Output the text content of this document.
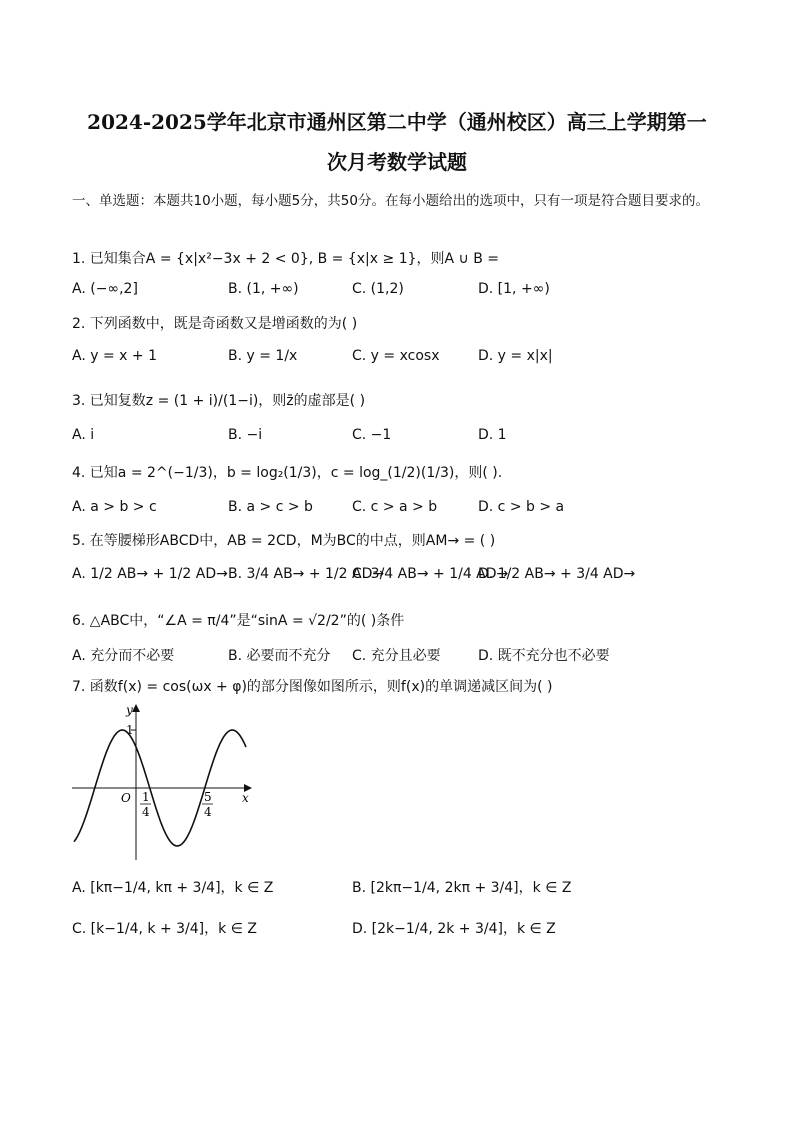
2024-2025学年北京市通州区第二中学（通州校区）高三上学期第一
次月考数学试题
一、单选题：本题共10小题，每小题5分，共50分。在每小题给出的选项中，只有一项是符合题目要求的。
1. 已知集合A = {x|x²−3x + 2 < 0}, B = {x|x ≥ 1}，则A ∪ B =
A. (−∞,2]	B. (1, +∞)	C. (1,2)	D. [1, +∞)
2. 下列函数中，既是奇函数又是增函数的为( )
A. y = x + 1	B. y = 1/x	C. y = xcosx	D. y = x|x|
3. 已知复数z = (1 + i)/(1−i)，则z̄的虚部是( )
A. i	B. −i	C. −1	D. 1
4. 已知a = 2^(−1/3)，b = log₂(1/3)，c = log_(1/2)(1/3)，则( ).
A. a > b > c	B. a > c > b	C. c > a > b	D. c > b > a
5. 在等腰梯形ABCD中，AB = 2CD，M为BC的中点，则AM→ = ( )
A. 1/2 AB→ + 1/2 AD→ B. 3/4 AB→ + 1/2 AD→
C. 3/4 AB→ + 1/4 AD→
D. 1/2 AB→ + 3/4 AD→
6. △ABC中，“∠A = π/4”是“sinA = √2/2”的( )条件
A. 充分而不必要	B. 必要而不充分 C. 充分且必要	D. 既不充分也不必要
7. 函数f(x) = cos(ωx + φ)的部分图像如图所示，则f(x)的单调递减区间为( )
y
x
O
1
1
4
5
4
A. [kπ−1/4, kπ + 3/4]，k ∈ Z	B. [2kπ−1/4, 2kπ + 3/4]，k ∈ Z
C. [k−1/4, k + 3/4]，k ∈ Z	D. [2k−1/4, 2k + 3/4]，k ∈ Z
